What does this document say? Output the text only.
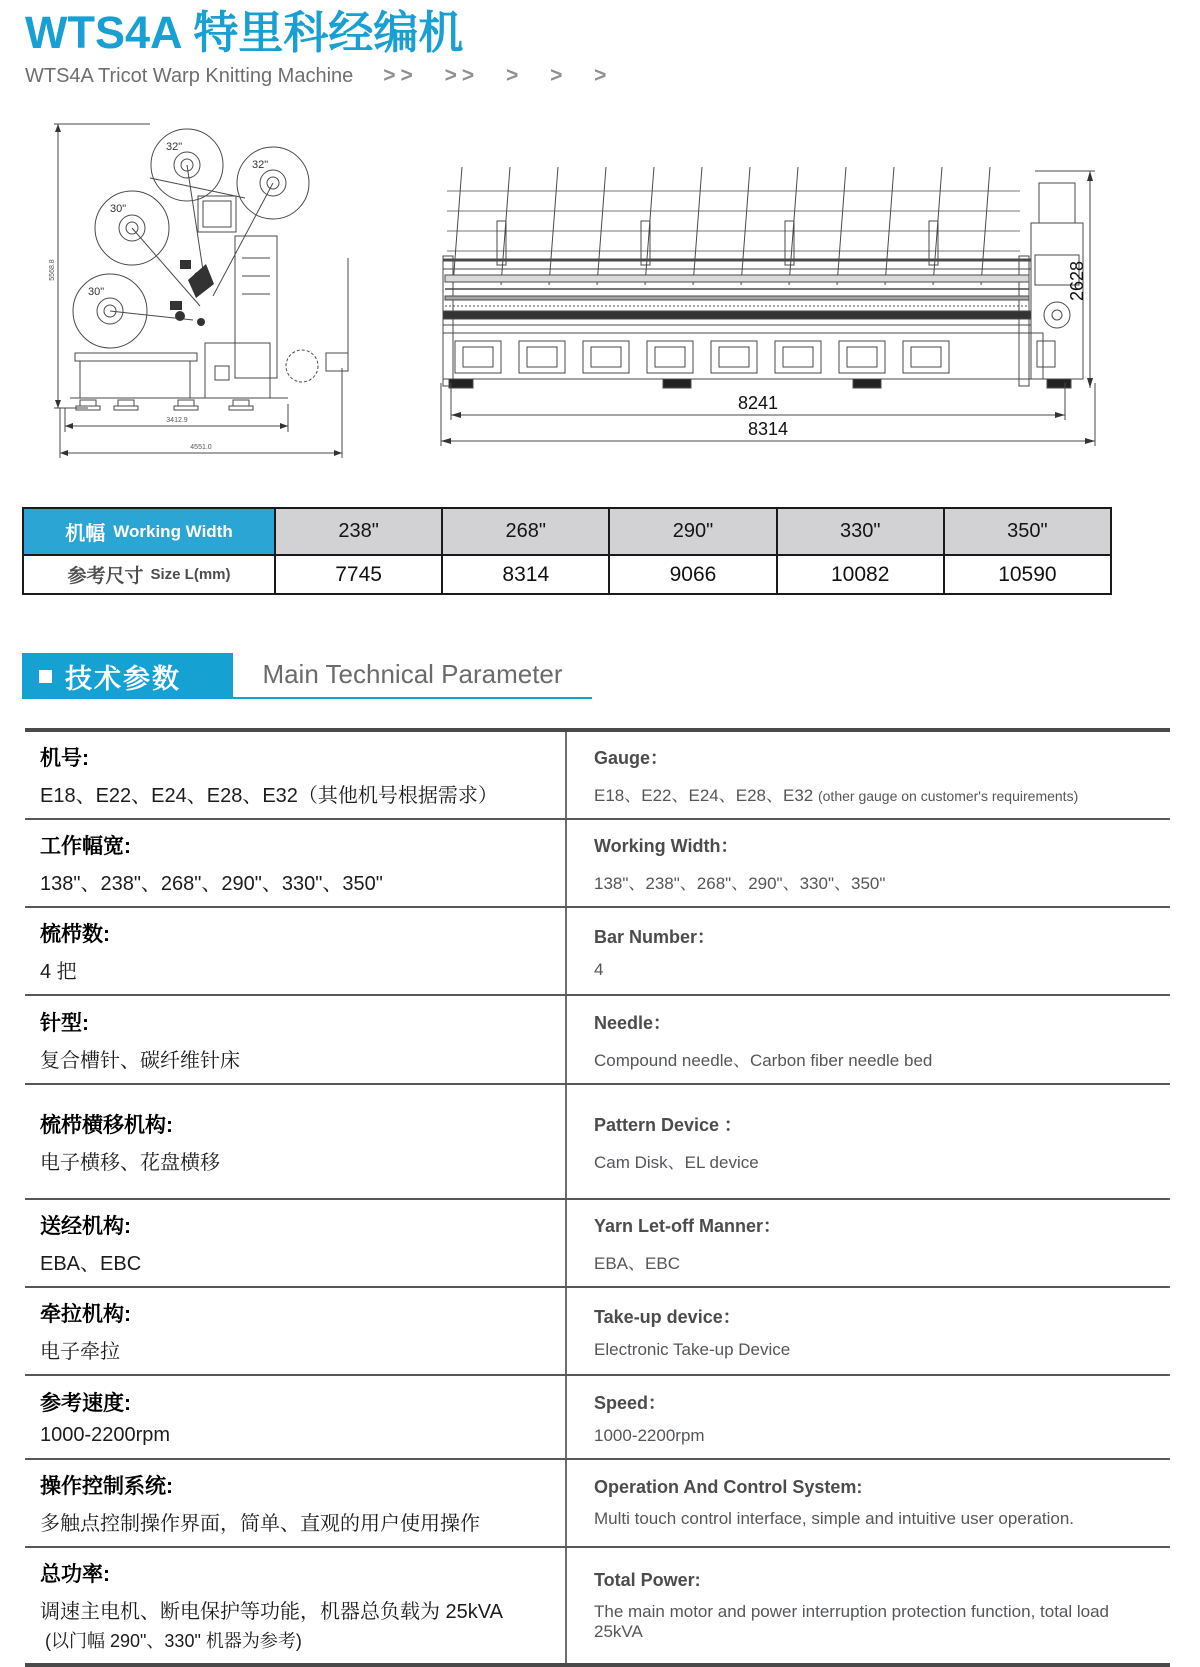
WTS4A 特里科经编机
WTS4A Tricot Warp Knitting Machine >> >> > > >
32"
32"
30"
30"
5568.8
3412.9
4551.0
8241
8314
2628
机幅 Working Width	238"	268"	290"	330"	350"
参考尺寸 Size L(mm)	7745	8314	9066	10082	10590
技术参数	Main Technical Parameter
机号:
E18、E22、E24、E28、E32（其他机号根据需求）
Gauge：
E18、E22、E24、E28、E32 (other gauge on customer's requirements)
工作幅宽:
138"、238"、268"、290"、330"、350"
Working Width：
138"、238"、268"、290"、330"、350"
梳栉数:
4 把
Bar Number：
4
针型:
复合槽针、碳纤维针床
Needle：
Compound needle、Carbon fiber needle bed
梳栉横移机构:
电子横移、花盘横移
Pattern Device ：
Cam Disk、EL device
送经机构:
EBA、EBC
Yarn Let-off Manner：
EBA、EBC
牵拉机构:
电子牵拉
Take-up device：
Electronic Take-up Device
参考速度:
1000-2200rpm
Speed：
1000-2200rpm
操作控制系统:
多触点控制操作界面，简单、直观的用户使用操作
Operation And Control System:
Multi touch control interface, simple and intuitive user operation.
总功率:
调速主电机、断电保护等功能，机器总负载为 25kVA
(以门幅 290"、330" 机器为参考)
Total Power:
The main motor and power interruption protection function, total load 25kVA
